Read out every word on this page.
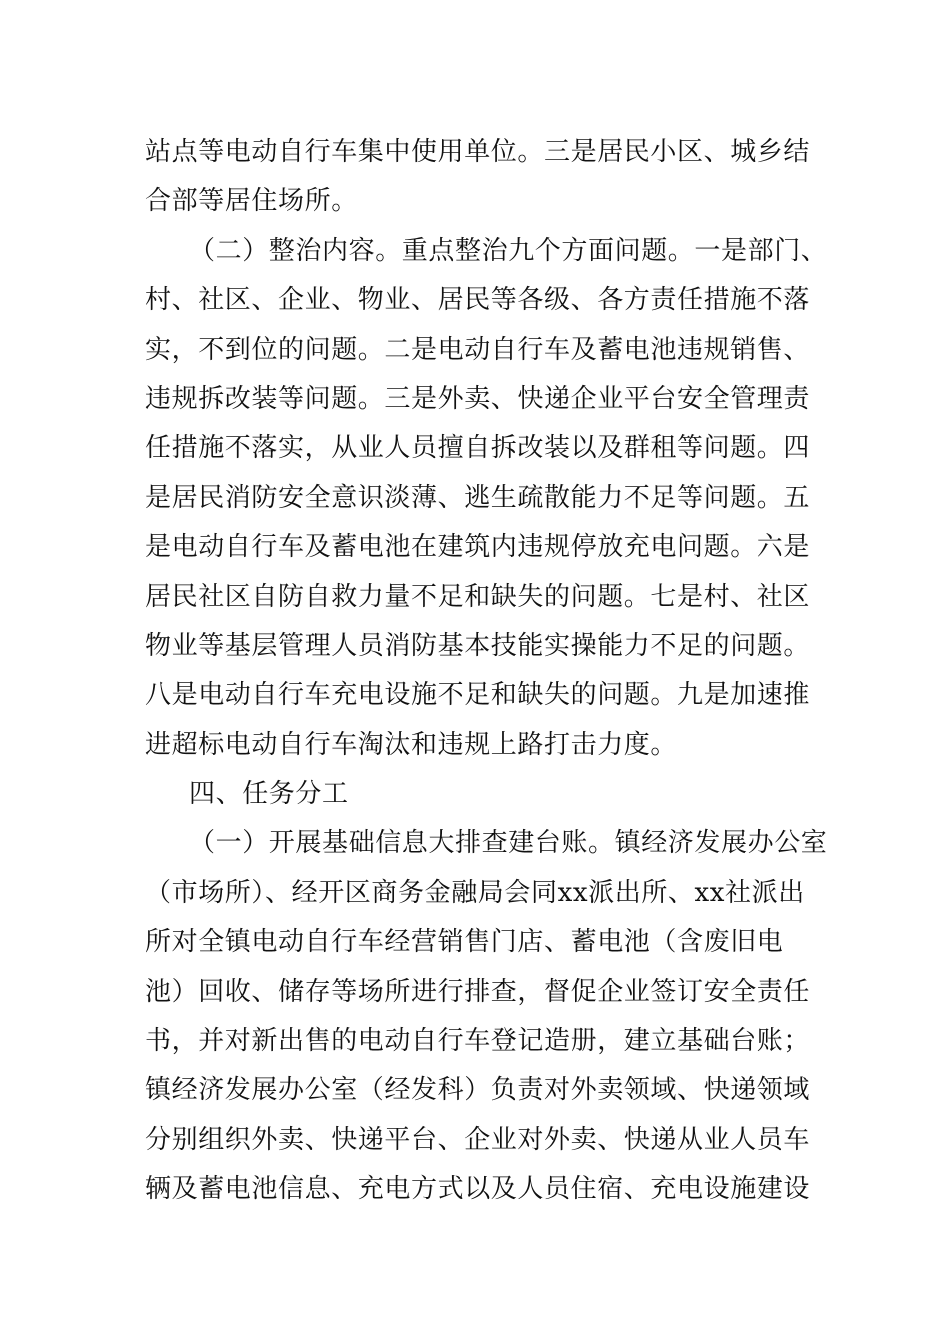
站点等电动自行车集中使用单位。三是居民小区、城乡结
合部等居住场所。
（二）整治内容。重点整治九个方面问题。一是部门、
村、社区、企业、物业、居民等各级、各方责任措施不落
实，不到位的问题。二是电动自行车及蓄电池违规销售、
违规拆改装等问题。三是外卖、快递企业平台安全管理责
任措施不落实，从业人员擅自拆改装以及群租等问题。四
是居民消防安全意识淡薄、逃生疏散能力不足等问题。五
是电动自行车及蓄电池在建筑内违规停放充电问题。六是
居民社区自防自救力量不足和缺失的问题。七是村、社区
物业等基层管理人员消防基本技能实操能力不足的问题。
八是电动自行车充电设施不足和缺失的问题。九是加速推
进超标电动自行车淘汰和违规上路打击力度。
四、任务分工
（一）开展基础信息大排查建台账。镇经济发展办公室
（市场所）、经开区商务金融局会同xx派出所、xx社派出
所对全镇电动自行车经营销售门店、蓄电池（含废旧电
池）回收、储存等场所进行排查，督促企业签订安全责任
书，并对新出售的电动自行车登记造册，建立基础台账；
镇经济发展办公室（经发科）负责对外卖领域、快递领域
分别组织外卖、快递平台、企业对外卖、快递从业人员车
辆及蓄电池信息、充电方式以及人员住宿、充电设施建设
